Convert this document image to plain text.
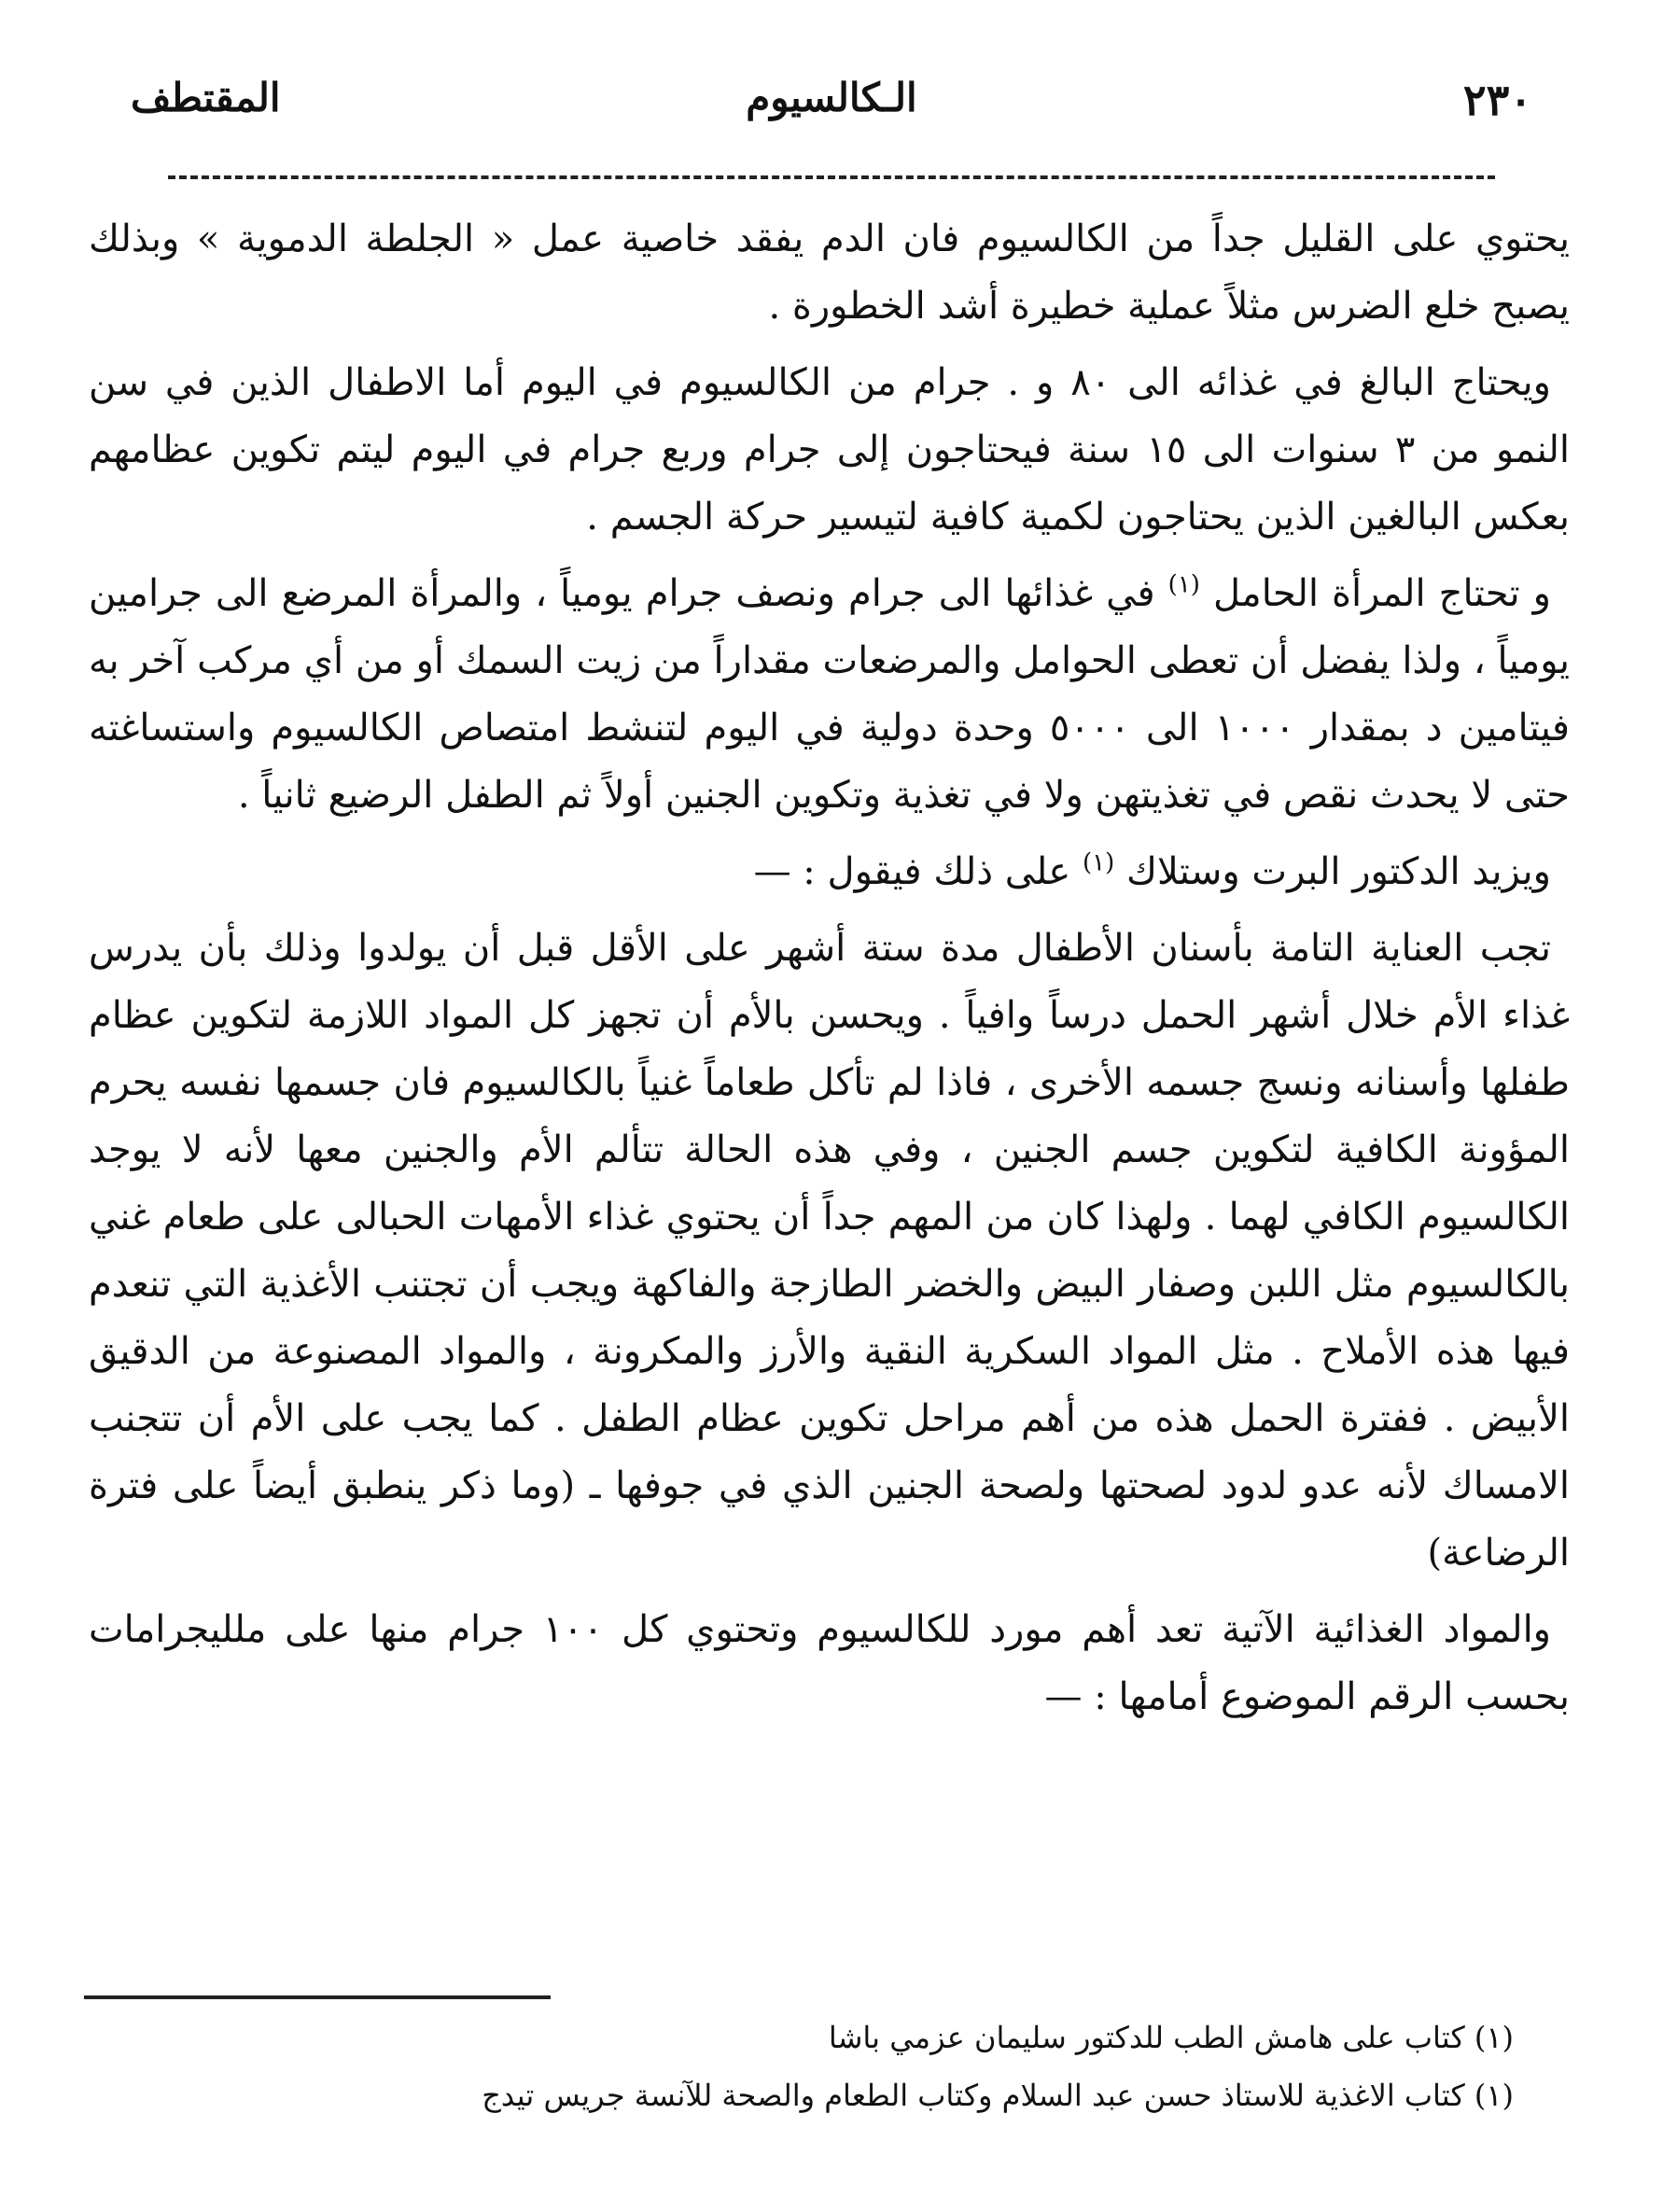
٢٣٠
الـكالسيوم
المقتطف

يحتوي على القليل جداً من الكالسيوم فان الدم يفقد خاصية عمل « الجلطة الدموية » وبذلك يصبح خلع الضرس مثلاً عملية خطيرة أشد الخطورة .

ويحتاج البالغ في غذائه الى ٨٠ و . جرام من الكالسيوم في اليوم أما الاطفال الذين في سن النمو من ٣ سنوات الى ١٥ سنة فيحتاجون إلى جرام وربع جرام في اليوم ليتم تكوين عظامهم بعكس البالغين الذين يحتاجون لكمية كافية لتيسير حركة الجسم .

و تحتاج المرأة الحامل $^{(١)}$ في غذائها الى جرام ونصف جرام يومياً ، والمرأة المرضع الى جرامين يومياً ، ولذا يفضل أن تعطى الحوامل والمرضعات مقداراً من زيت السمك أو من أي مركب آخر به فيتامين د بمقدار ١٠٠٠ الى ٥٠٠٠ وحدة دولية في اليوم لتنشط امتصاص الكالسيوم واستساغته حتى لا يحدث نقص في تغذيتهن ولا في تغذية وتكوين الجنين أولاً ثم الطفل الرضيع ثانياً .

ويزيد الدكتور البرت وستلاك $^{(١)}$ على ذلك فيقول : —

تجب العناية التامة بأسنان الأطفال مدة ستة أشهر على الأقل قبل أن يولدوا وذلك بأن يدرس غذاء الأم خلال أشهر الحمل درساً وافياً . ويحسن بالأم أن تجهز كل المواد اللازمة لتكوين عظام طفلها وأسنانه ونسج جسمه الأخرى ، فاذا لم تأكل طعاماً غنياً بالكالسيوم فان جسمها نفسه يحرم المؤونة الكافية لتكوين جسم الجنين ، وفي هذه الحالة تتألم الأم والجنين معها لأنه لا يوجد الكالسيوم الكافي لهما . ولهذا كان من المهم جداً أن يحتوي غذاء الأمهات الحبالى على طعام غني بالكالسيوم مثل اللبن وصفار البيض والخضر الطازجة والفاكهة ويجب أن تجتنب الأغذية التي تنعدم فيها هذه الأملاح . مثل المواد السكرية النقية والأرز والمكرونة ، والمواد المصنوعة من الدقيق الأبيض . ففترة الحمل هذه من أهم مراحل تكوين عظام الطفل . كما يجب على الأم أن تتجنب الامساك لأنه عدو لدود لصحتها ولصحة الجنين الذي في جوفها ـ (وما ذكر ينطبق أيضاً على فترة الرضاعة)

والمواد الغذائية الآتية تعد أهم مورد للكالسيوم وتحتوي كل ١٠٠ جرام منها على ملليجرامات بحسب الرقم الموضوع أمامها : —

(١) كتاب على هامش الطب للدكتور سليمان عزمي باشا

(١) كتاب الاغذية للاستاذ حسن عبد السلام وكتاب الطعام والصحة للآنسة جريس تيدج
